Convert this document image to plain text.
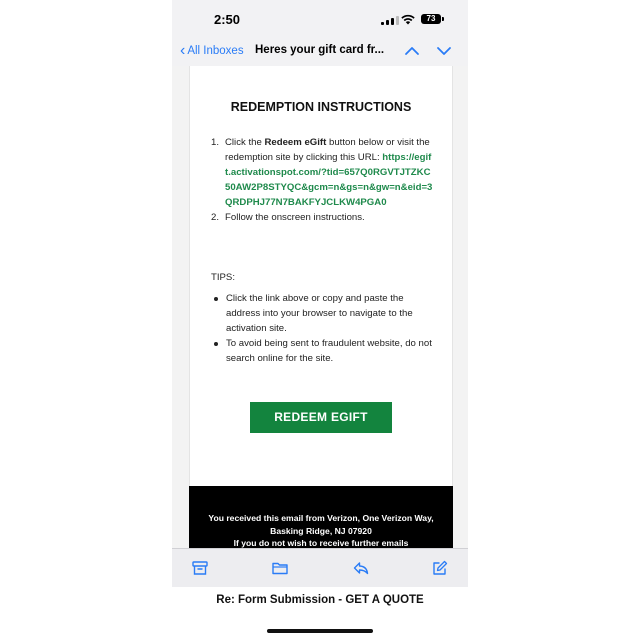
2:50	73
‹ All Inboxes Heres your gift card fr...
REDEMPTION INSTRUCTIONS
1. Click the Redeem eGift button below or visit the redemption site by clicking this URL: https://egift.activationspot.com/?tid=657Q0RGVTJTZKC50AW2P8STYQC&gcm=n&gs=n&gw=n&eid=3QRDPHJ77N7BAKFYJCLKW4PGA0
2. Follow the onscreen instructions.
TIPS:
Click the link above or copy and paste the address into your browser to navigate to the activation site.
To avoid being sent to fraudulent website, do not search online for the site.
REDEEM EGIFT
You received this email from Verizon, One Verizon Way, Basking Ridge, NJ 07920
If you do not wish to receive further emails
Re: Form Submission - GET A QUOTE
